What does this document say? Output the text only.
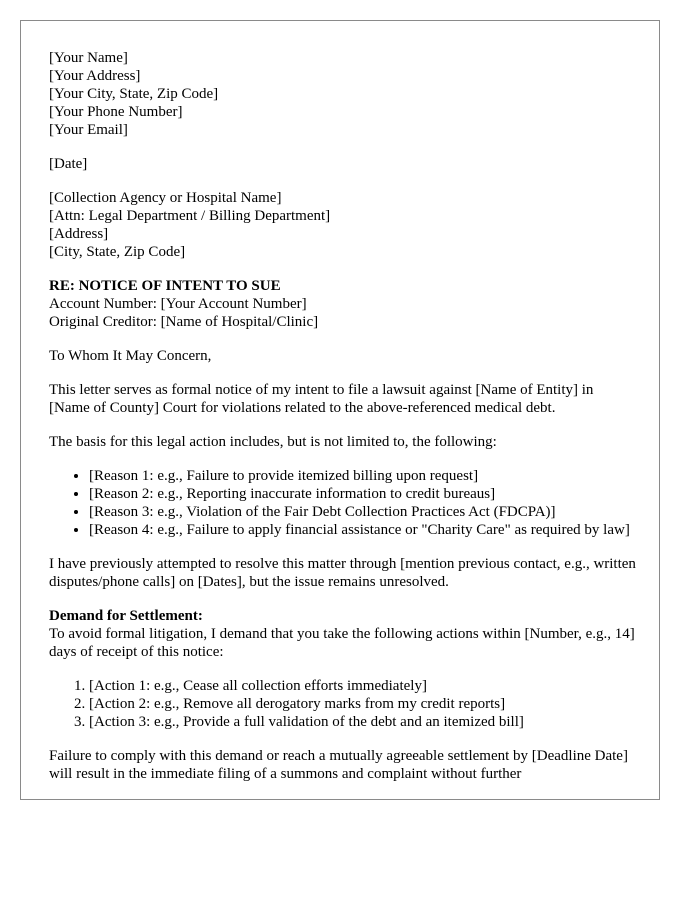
[Your Name]
[Your Address]
[Your City, State, Zip Code]
[Your Phone Number]
[Your Email]
[Date]
[Collection Agency or Hospital Name]
[Attn: Legal Department / Billing Department]
[Address]
[City, State, Zip Code]
RE: NOTICE OF INTENT TO SUE
Account Number: [Your Account Number]
Original Creditor: [Name of Hospital/Clinic]

To Whom It May Concern,

This letter serves as formal notice of my intent to file a lawsuit against [Name of Entity] in [Name of County] Court for violations related to the above-referenced medical debt.

The basis for this legal action includes, but is not limited to, the following:

• [Reason 1: e.g., Failure to provide itemized billing upon request]
• [Reason 2: e.g., Reporting inaccurate information to credit bureaus]
• [Reason 3: e.g., Violation of the Fair Debt Collection Practices Act (FDCPA)]
• [Reason 4: e.g., Failure to apply financial assistance or "Charity Care" as required by law]

I have previously attempted to resolve this matter through [mention previous contact, e.g., written disputes/phone calls] on [Dates], but the issue remains unresolved.

Demand for Settlement:
To avoid formal litigation, I demand that you take the following actions within [Number, e.g., 14] days of receipt of this notice:
1. [Action 1: e.g., Cease all collection efforts immediately]
2. [Action 2: e.g., Remove all derogatory marks from my credit reports]
3. [Action 3: e.g., Provide a full validation of the debt and an itemized bill]

Failure to comply with this demand or reach a mutually agreeable settlement by [Deadline Date] will result in the immediate filing of a summons and complaint without further
